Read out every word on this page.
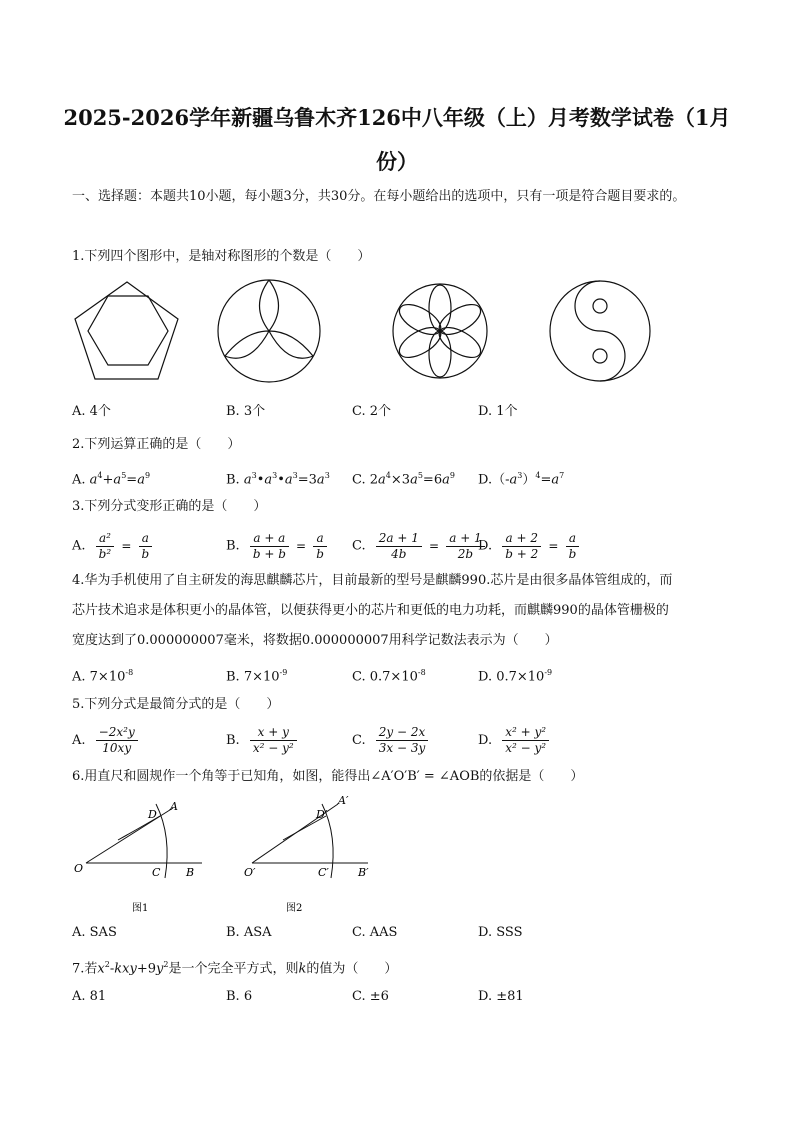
2025-2026学年新疆乌鲁木齐126中八年级（上）月考数学试卷（1月
份）
一、选择题：本题共10小题，每小题3分，共30分。在每小题给出的选项中，只有一项是符合题目要求的。
1.下列四个图形中，是轴对称图形的个数是（　　）
A. 4个	B. 3个	C. 2个	D. 1个
2.下列运算正确的是（　　）
A. $a^4+a^5=a^9$	B. $a^3•a^3•a^3=3a^3$ C. $2a^4\times 3a^5=6a^9$ $D.(-a^3)^4=a^7$
3.下列分式变形正确的是（　　）
A. $\frac{\text{a²}}{\text{b²}} = \frac{a}{b}$	B. $\frac{a + a}{b + b} = \frac{a}{b} C$. $\frac{2a + 1}{4b} = \frac{a + 1}{2b}$
D. $\frac{a + 2}{b + 2} = \frac{a}{b}$
4.华为手机使用了自主研发的海思麒麟芯片，目前最新的型号是麒麟990.芯片是由很多晶体管组成的，而
芯片技术追求是体积更小的晶体管，以便获得更小的芯片和更低的电力功耗，而麒麟990的晶体管栅极的
宽度达到了0.000000007毫米，将数据0.000000007用科学记数法表示为（　　）
A. $7\times 10^{-8}$	B. $7\times 10^{-9}$	C. $0.7\times 10^{-8}$	D. $0.7\times 10^{-9}$
5.下列分式是最简分式的是（　　）
A. $\frac{\text{−2x²y}}{10xy}$	B. $\frac{x + y}{\text{x² − y²}}$	C. $\frac{2y - 2x}{3x - 3y}$	D. $\frac{\text{x² + y²}}{\text{x² − y²}}$
6.用直尺和圆规作一个角等于已知角，如图，能得出∠A′O′B′ = ∠AOB的依据是（　　）
O	C B
D
A
图1
O′	C′	B′
D′
A′
图2
A. SAS	B. ASA	C. AAS	D. SSS
7.若$x^2-kxy+9y^2$是一个完全平方式，则k的值为（　　）
A. 81	B. 6	C. ±6	D. ±81
